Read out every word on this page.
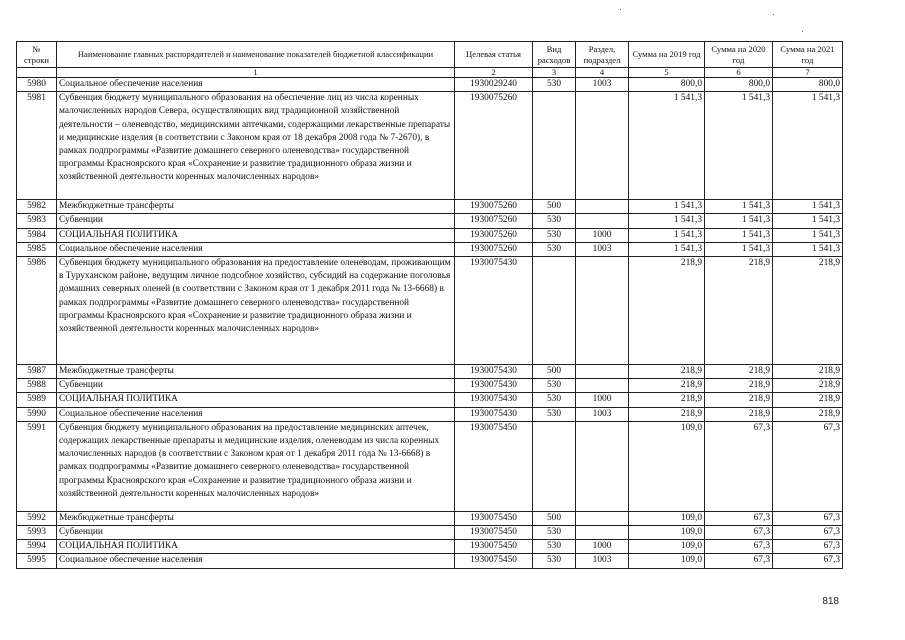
№ строки	Наименование главных распорядителей и наименование показателей бюджетной классификации	Целевая статья	Вид расходов	Раздел, подраздел	Сумма на 2019 год	Сумма на 2020 год	Сумма на 2021 год
	1	2	3	4	5	6	7
5980	Социальное обеспечение населения	1930029240	530	1003	800,0	800,0	800,0
5981	Субвенция бюджету муниципального образования на обеспечение лиц из числа коренных малочисленных народов Севера, осуществляющих вид традиционной хозяйственной деятельности – оленеводство, медицинскими аптечками, содержащими лекарственные препараты и медицинские изделия (в соответствии с Законом края от 18 декабря 2008 года № 7-2670), в рамках подпрограммы «Развитие домашнего северного оленеводства» государственной программы Красноярского края «Сохранение и развитие традиционного образа жизни и хозяйственной деятельности коренных малочисленных народов»	1930075260			1 541,3	1 541,3	1 541,3
5982	Межбюджетные трансферты	1930075260	500		1 541,3	1 541,3	1 541,3
5983	Субвенции	1930075260	530		1 541,3	1 541,3	1 541,3
5984	СОЦИАЛЬНАЯ ПОЛИТИКА	1930075260	530	1000	1 541,3	1 541,3	1 541,3
5985	Социальное обеспечение населения	1930075260	530	1003	1 541,3	1 541,3	1 541,3
5986	Субвенция бюджету муниципального образования на предоставление оленеводам, проживающим в Туруханском районе, ведущим личное подсобное хозяйство, субсидий на содержание поголовья домашних северных оленей (в соответствии с Законом края от 1 декабря 2011 года № 13-6668) в рамках подпрограммы «Развитие домашнего северного оленеводства» государственной программы Красноярского края «Сохранение и развитие традиционного образа жизни и хозяйственной деятельности коренных малочисленных народов»	1930075430			218,9	218,9	218,9
5987	Межбюджетные трансферты	1930075430	500		218,9	218,9	218,9
5988	Субвенции	1930075430	530		218,9	218,9	218,9
5989	СОЦИАЛЬНАЯ ПОЛИТИКА	1930075430	530	1000	218,9	218,9	218,9
5990	Социальное обеспечение населения	1930075430	530	1003	218,9	218,9	218,9
5991	Субвенция бюджету муниципального образования на предоставление медицинских аптечек, содержащих лекарственные препараты и медицинские изделия, оленеводам из числа коренных малочисленных народов (в соответствии с Законом края от 1 декабря 2011 года № 13-6668) в рамках подпрограммы «Развитие домашнего северного оленеводства» государственной программы Красноярского края «Сохранение и развитие традиционного образа жизни и хозяйственной деятельности коренных малочисленных народов»	1930075450			109,0	67,3	67,3
5992	Межбюджетные трансферты	1930075450	500		109,0	67,3	67,3
5993	Субвенции	1930075450	530		109,0	67,3	67,3
5994	СОЦИАЛЬНАЯ ПОЛИТИКА	1930075450	530	1000	109,0	67,3	67,3
5995	Социальное обеспечение населения	1930075450	530	1003	109,0	67,3	67,3
818
